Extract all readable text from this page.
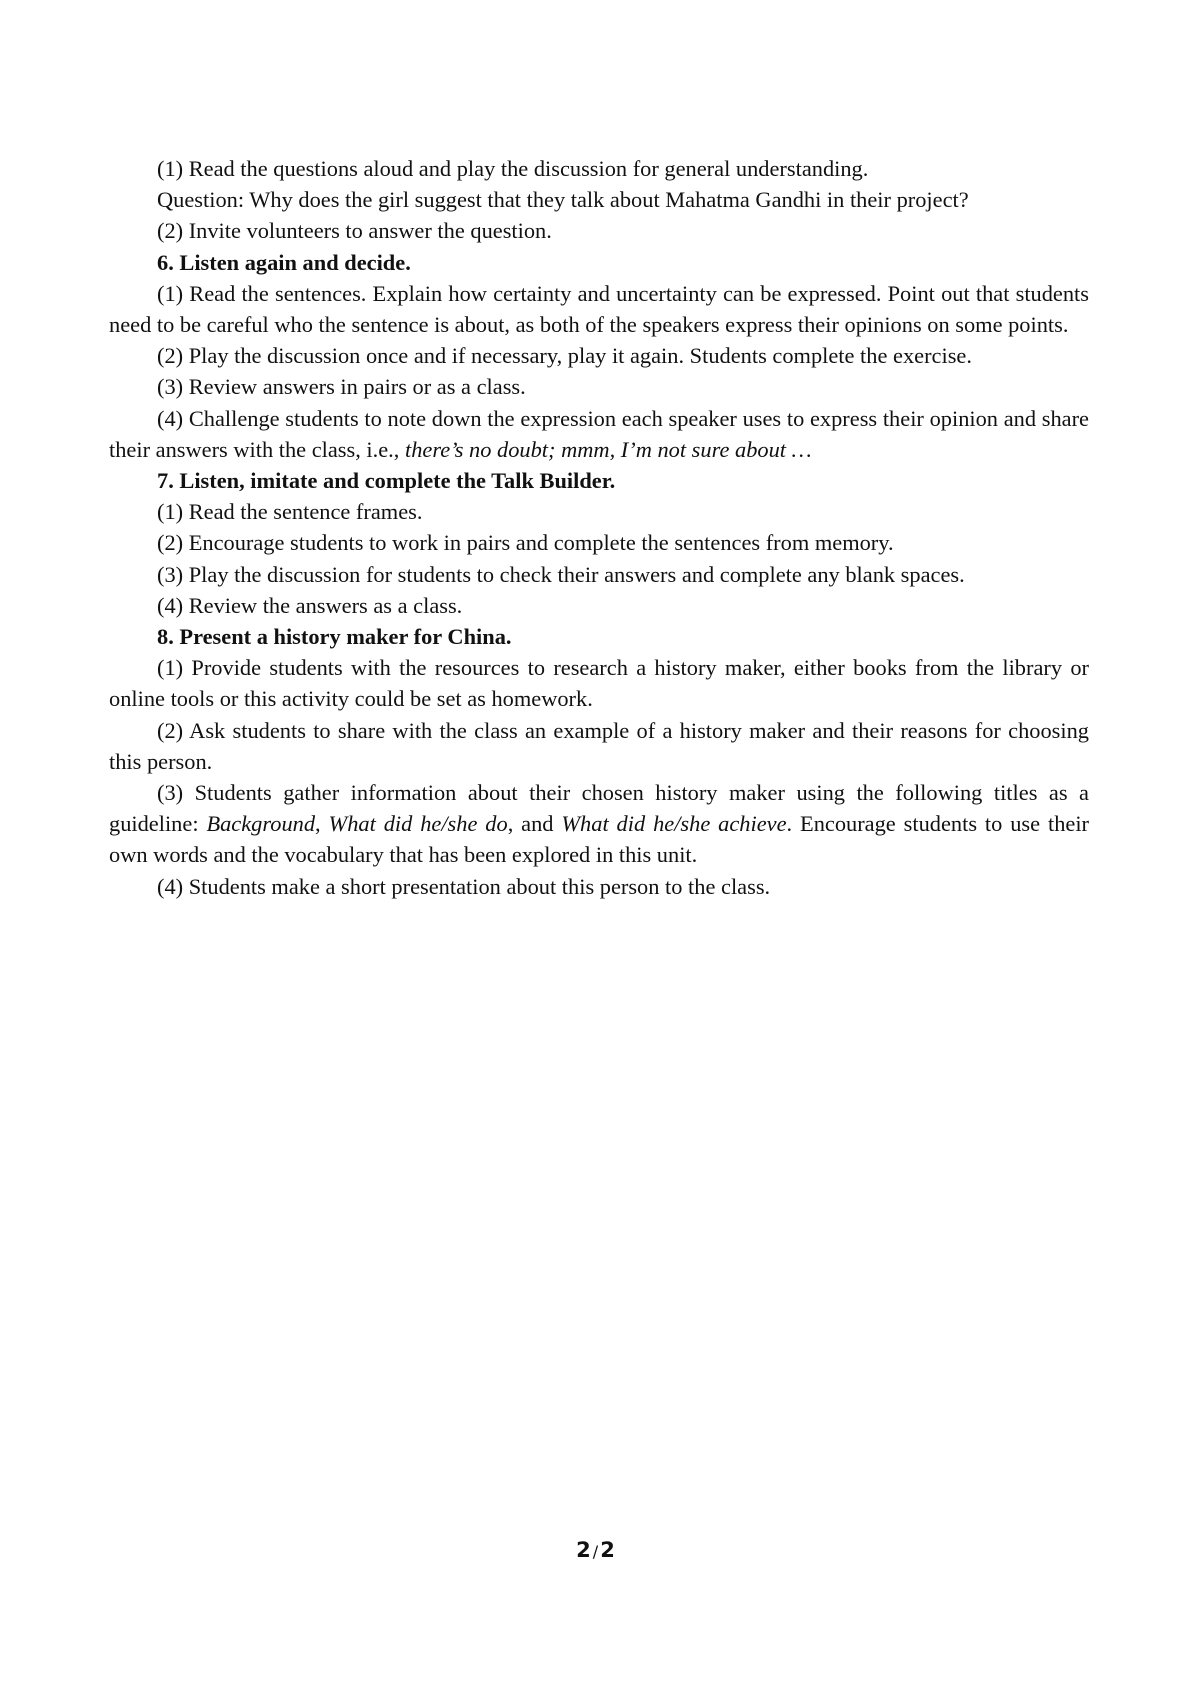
(1) Read the questions aloud and play the discussion for general understanding.

Question: Why does the girl suggest that they talk about Mahatma Gandhi in their project?

(2) Invite volunteers to answer the question.

6. Listen again and decide.

(1) Read the sentences. Explain how certainty and uncertainty can be expressed. Point out that students need to be careful who the sentence is about, as both of the speakers express their opinions on some points.

(2) Play the discussion once and if necessary, play it again. Students complete the exercise.

(3) Review answers in pairs or as a class.

(4) Challenge students to note down the expression each speaker uses to express their opinion and share their answers with the class, i.e., there’s no doubt; mmm, I’m not sure about …

7. Listen, imitate and complete the Talk Builder.

(1) Read the sentence frames.

(2) Encourage students to work in pairs and complete the sentences from memory.

(3) Play the discussion for students to check their answers and complete any blank spaces.

(4) Review the answers as a class.

8. Present a history maker for China.

(1) Provide students with the resources to research a history maker, either books from the library or online tools or this activity could be set as homework.

(2) Ask students to share with the class an example of a history maker and their reasons for choosing this person.

(3) Students gather information about their chosen history maker using the following titles as a guideline: Background, What did he/she do, and What did he/she achieve. Encourage students to use their own words and the vocabulary that has been explored in this unit.

(4) Students make a short presentation about this person to the class.

2 /2
